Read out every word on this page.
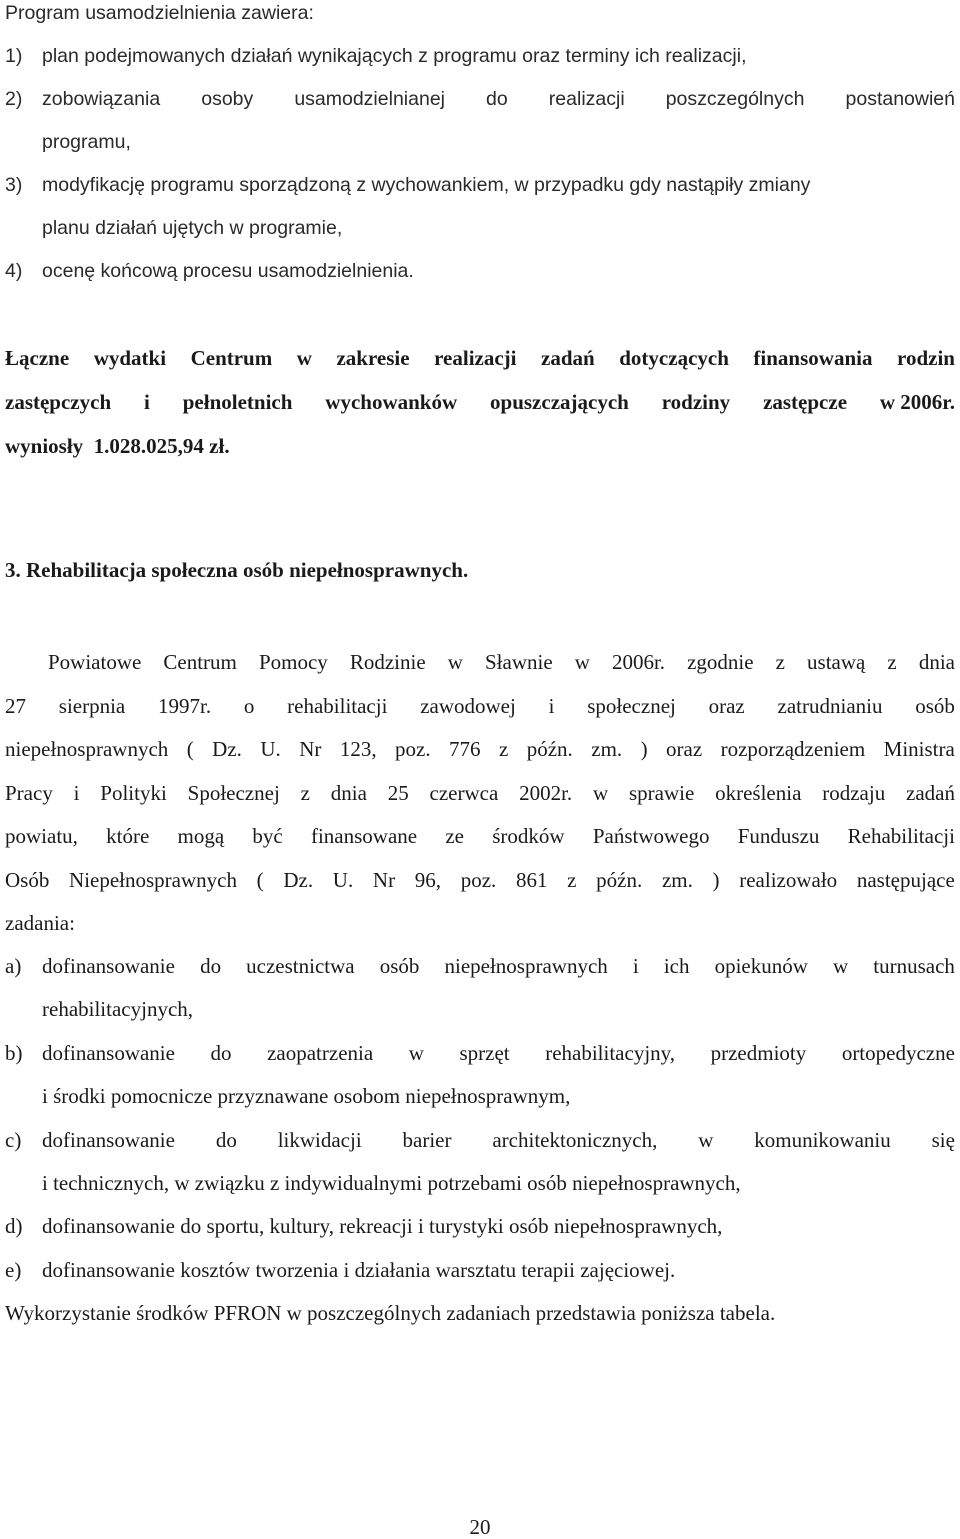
Program usamodzielnienia zawiera:
1)	plan podejmowanych działań wynikających z programu oraz terminy ich realizacji,
2)	zobowiązania osoby usamodzielnianej do realizacji poszczególnych postanowień
programu,
3)	modyfikację programu sporządzoną z wychowankiem, w przypadku gdy nastąpiły zmiany
planu działań ujętych w programie,
4)	ocenę końcową procesu usamodzielnienia.
Łączne wydatki Centrum w zakresie realizacji zadań dotyczących finansowania rodzin
zastępczych i pełnoletnich wychowanków opuszczających rodziny zastępcze w 2006r.
wyniosły  1.028.025,94 zł.
3. Rehabilitacja społeczna osób niepełnosprawnych.
Powiatowe Centrum Pomocy Rodzinie w Sławnie w 2006r. zgodnie z ustawą z dnia
27 sierpnia 1997r. o rehabilitacji zawodowej i społecznej oraz zatrudnianiu osób
niepełnosprawnych ( Dz. U. Nr 123, poz. 776 z późn. zm. ) oraz rozporządzeniem Ministra
Pracy i Polityki Społecznej z dnia 25 czerwca 2002r. w sprawie określenia rodzaju zadań
powiatu, które mogą być finansowane ze środków Państwowego Funduszu Rehabilitacji
Osób Niepełnosprawnych ( Dz. U. Nr 96, poz. 861 z późn. zm. ) realizowało następujące
zadania:
a) dofinansowanie do uczestnictwa osób niepełnosprawnych i ich opiekunów w turnusach
rehabilitacyjnych,
b) dofinansowanie do zaopatrzenia w sprzęt rehabilitacyjny, przedmioty ortopedyczne
i środki pomocnicze przyznawane osobom niepełnosprawnym,
c) dofinansowanie do likwidacji barier architektonicznych, w komunikowaniu się
i technicznych, w związku z indywidualnymi potrzebami osób niepełnosprawnych,
d) dofinansowanie do sportu, kultury, rekreacji i turystyki osób niepełnosprawnych,
e) dofinansowanie kosztów tworzenia i działania warsztatu terapii zajęciowej.
Wykorzystanie środków PFRON w poszczególnych zadaniach przedstawia poniższa tabela.
20
